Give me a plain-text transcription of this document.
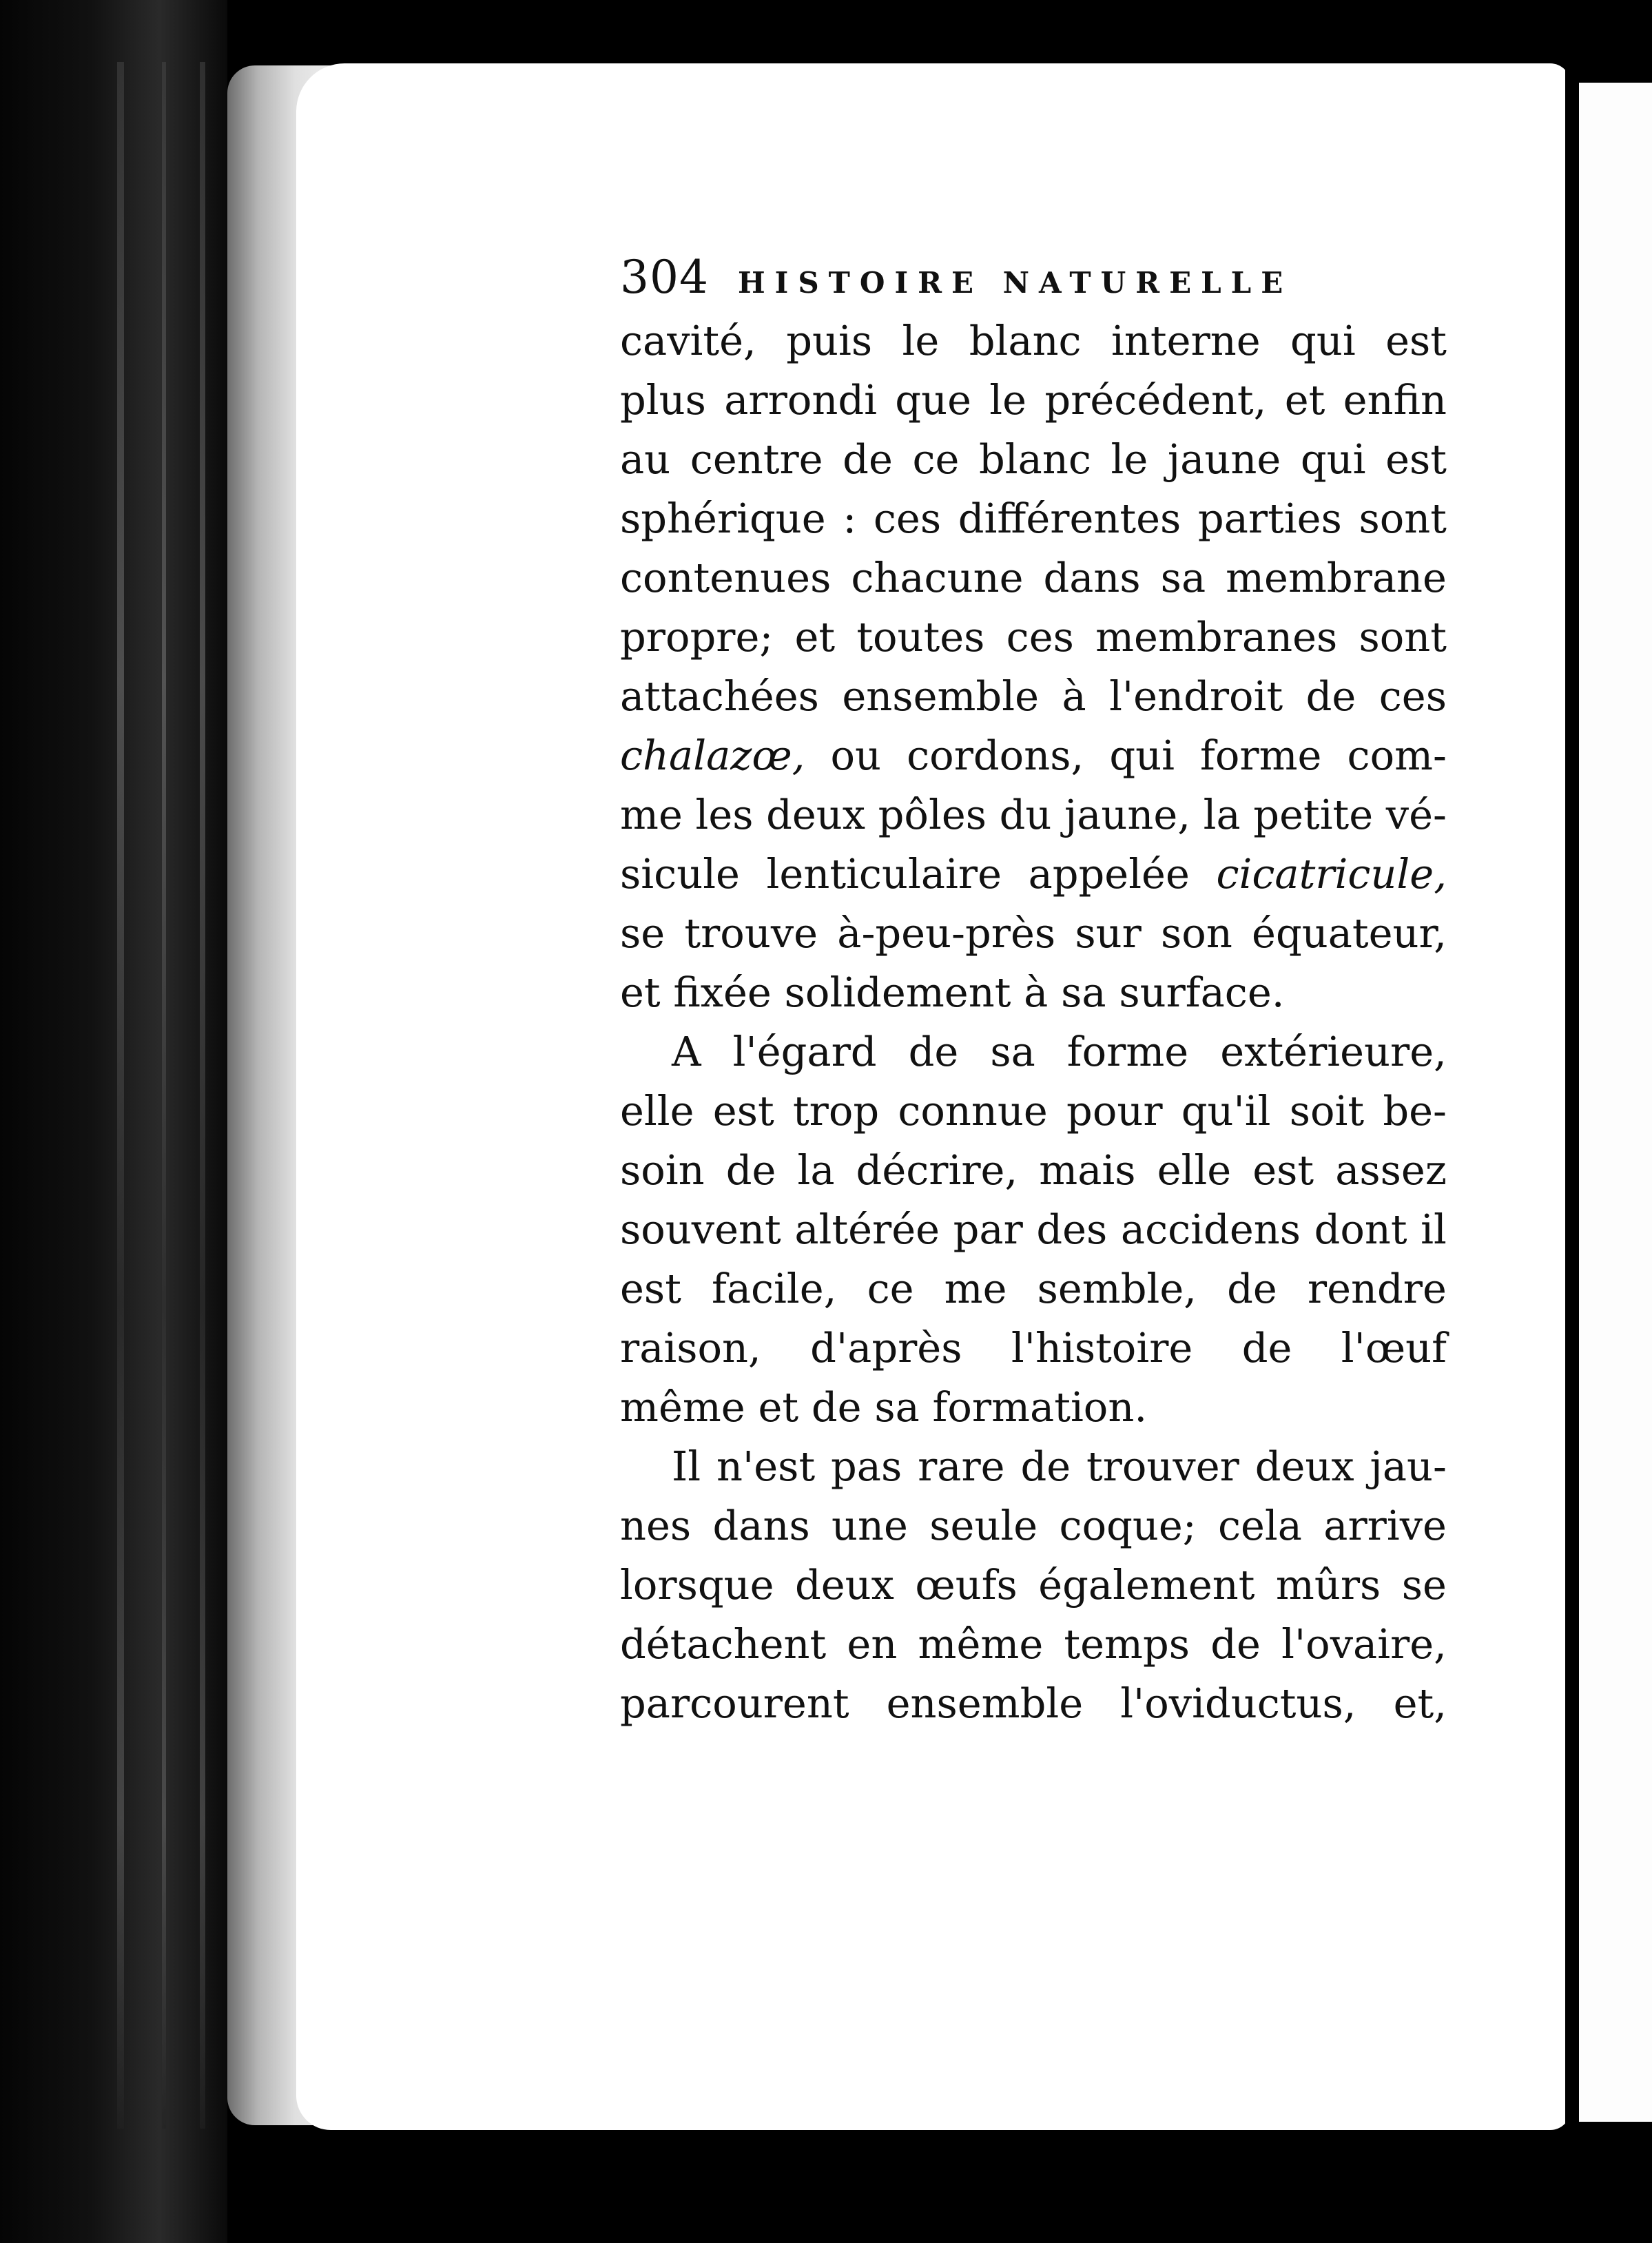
304 HISTOIRE NATURELLE
cavité, puis le blanc interne qui est
plus arrondi que le précédent, et enfin
au centre de ce blanc le jaune qui est
sphérique : ces différentes parties sont
contenues chacune dans sa membrane
propre; et toutes ces membranes sont
attachées ensemble à l'endroit de ces
chalazœ, ou cordons, qui forme com-
me les deux pôles du jaune, la petite vé-
sicule lenticulaire appelée cicatricule,
se trouve à-peu-près sur son équateur,
et fixée solidement à sa surface.
A l'égard de sa forme extérieure,
elle est trop connue pour qu'il soit be-
soin de la décrire, mais elle est assez
souvent altérée par des accidens dont il
est facile, ce me semble, de rendre
raison, d'après l'histoire de l'œuf
même et de sa formation.
Il n'est pas rare de trouver deux jau-
nes dans une seule coque; cela arrive
lorsque deux œufs également mûrs se
détachent en même temps de l'ovaire,
parcourent ensemble l'oviductus, et,
